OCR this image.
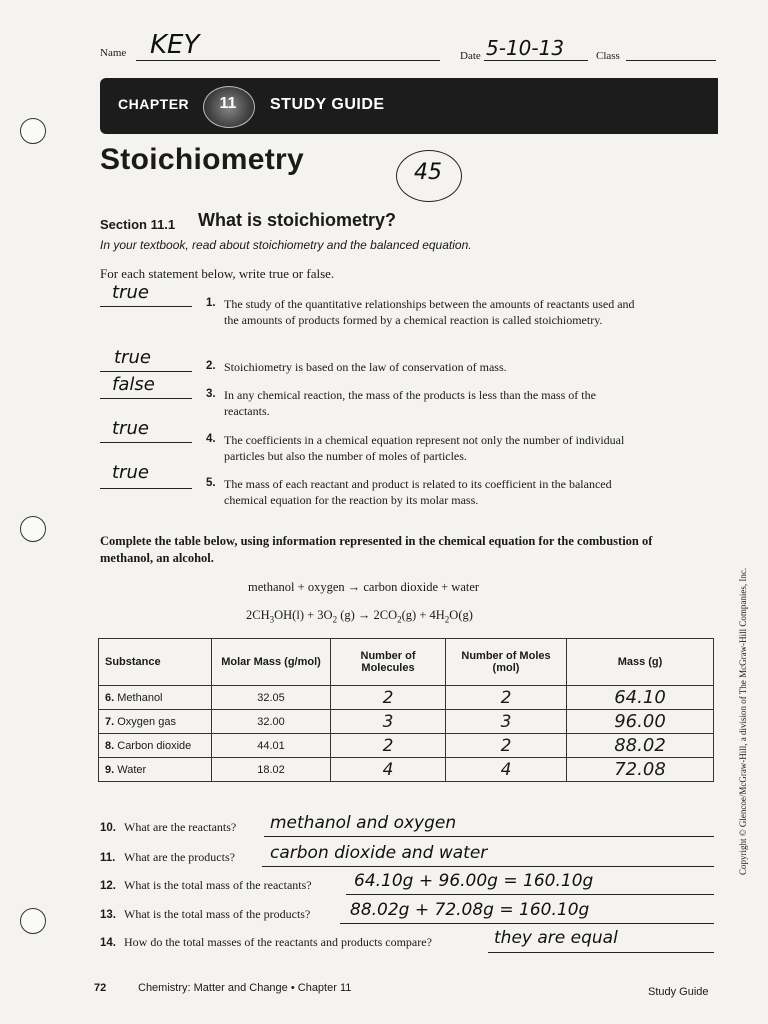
Name KEY	Date 5-10-13	Class
CHAPTER	11	STUDY GUIDE
Stoichiometry	45
Section 11.1 What is stoichiometry?
In your textbook, read about stoichiometry and the balanced equation.
For each statement below, write true or false.
true	1. The study of the quantitative relationships between the amounts of reactants used and the amounts of products formed by a chemical reaction is called stoichiometry.
true	2. Stoichiometry is based on the law of conservation of mass.
false	3. In any chemical reaction, the mass of the products is less than the mass of the reactants.
true	4. The coefficients in a chemical equation represent not only the number of individual particles but also the number of moles of particles.
true	5. The mass of each reactant and product is related to its coefficient in the balanced chemical equation for the reaction by its molar mass.
Complete the table below, using information represented in the chemical equation for the combustion of methanol, an alcohol.
methanol + oxygen → carbon dioxide + water
$2CH_3OH(l) + 3O_2$ $(g) \to 2CO_2(g) + 4H_2O(g)$
Substance	Molar Mass (g/mol)	Number of Molecules	Number of Moles (mol)	Mass (g)
6. Methanol	32.05	2	2	64.10
7. Oxygen gas	32.00	3	3	96.00
8. Carbon dioxide	44.01	2	2	88.02
9. Water	18.02	4	4	72.08
10. What are the reactants? methanol and oxygen
11. What are the products? carbon dioxide and water
12. What is the total mass of the reactants? 64.10g + 96.00g = 160.10g
13. What is the total mass of the products? 88.02g + 72.08g = 160.10g
14. How do the total masses of the reactants and products compare?	they are equal
72	Chemistry: Matter and Change • Chapter 11	Study Guide
Copyright © Glencoe/McGraw-Hill, a division of The McGraw-Hill Companies, Inc.
